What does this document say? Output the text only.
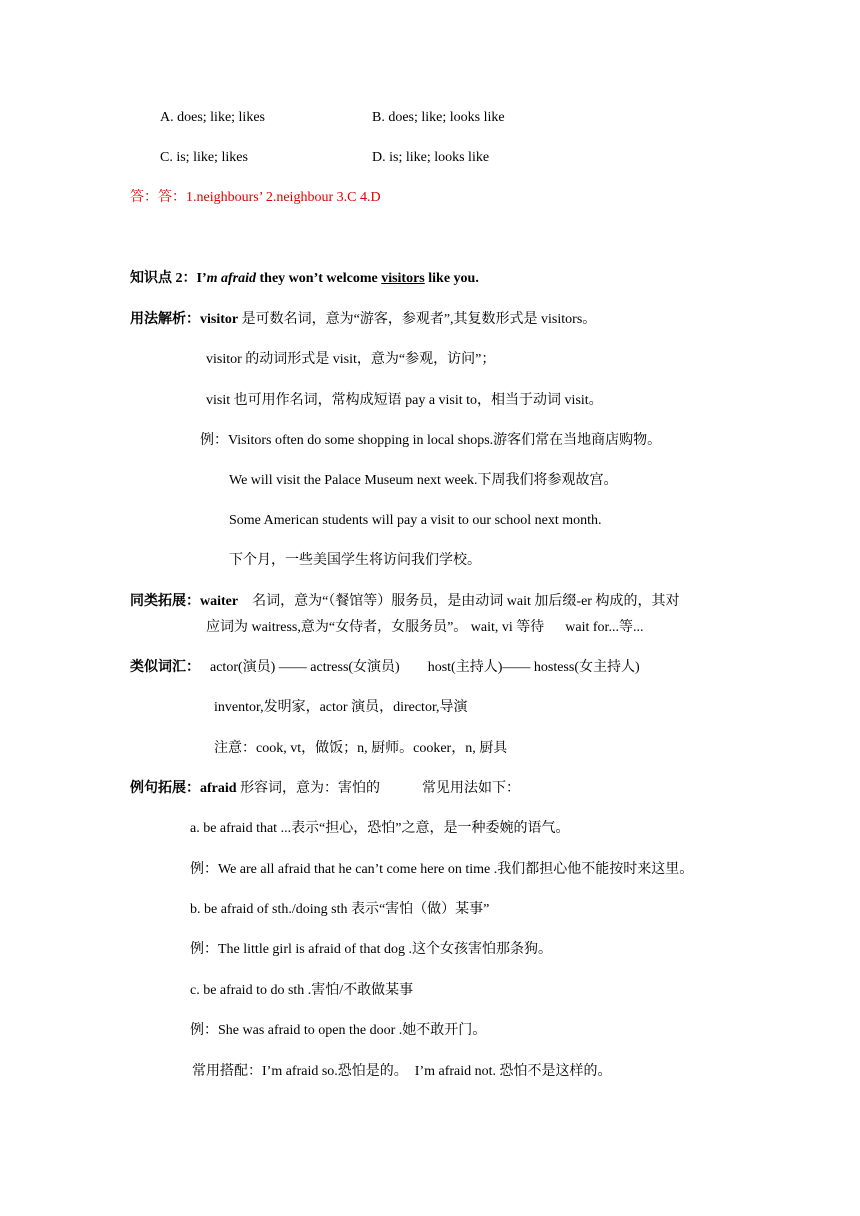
A. does; like; likes	B. does; like; looks like
C. is; like; likes	D. is; like; looks like
答：答：1.neighbours’ 2.neighbour 3.C 4.D
知识点 2：I’m afraid they won’t welcome visitors like you.
用法解析：visitor 是可数名词，意为“游客，参观者”,其复数形式是 visitors。
visitor 的动词形式是 visit，意为“参观，访问”；
visit 也可用作名词，常构成短语 pay a visit to，相当于动词 visit。
例：Visitors often do some shopping in local shops.游客们常在当地商店购物。
We will visit the Palace Museum next week.下周我们将参观故宫。
Some American students will pay a visit to our school next month.
下个月，一些美国学生将访问我们学校。
同类拓展：waiter　名词，意为“（餐馆等）服务员，是由动词 wait 加后缀-er 构成的，其对
应词为 waitress,意为“女侍者，女服务员”。 wait, vi 等待 　 wait for...等...
类似词汇： actor(演员) —— actress(女演员)　　host(主持人)—— hostess(女主持人)
inventor,发明家，actor 演员，director,导演
注意：cook, vt，做饭；n, 厨师。cooker，n, 厨具
例句拓展：afraid 形容词，意为：害怕的　　　常见用法如下：
a. be afraid that ...表示“担心，恐怕”之意，是一种委婉的语气。
例：We are all afraid that he can’t come here on time .我们都担心他不能按时来这里。
b. be afraid of sth./doing sth 表示“害怕（做）某事”
例：The little girl is afraid of that dog .这个女孩害怕那条狗。
c. be afraid to do sth .害怕/不敢做某事
例：She was afraid to open the door .她不敢开门。
常用搭配：I’m afraid so.恐怕是的。　I’m afraid not. 恐怕不是这样的。
